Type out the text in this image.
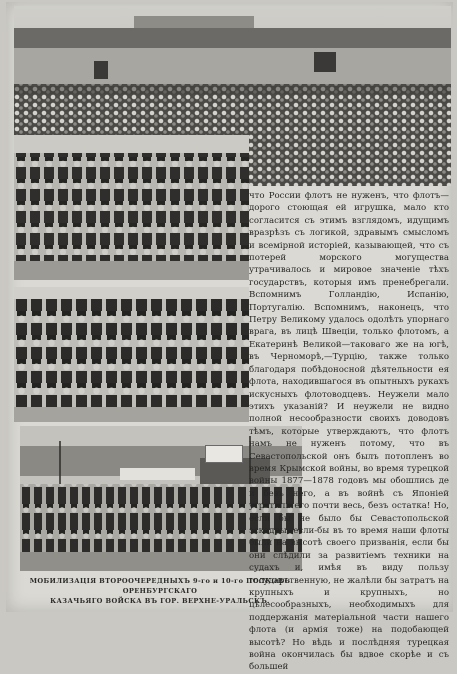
что России флотъ не нуженъ, что флотъ—дорого стоющая ей игрушка, мало кто согласится съ этимъ взглядомъ, идущимъ вразрѣзъ съ логикой, здравымъ смысломъ и всемірной исторіей, казывающей, что съ потерей морского могущества утрачивалось и мировое значеніе тѣхъ государствъ, которыя имъ пренебрегали. Вспомнимъ Голландію, Испанію, Португалію. Вспомнимъ, наконецъ, что Петру Великому удалось одолѣть упорнаго врага, въ лицѣ Швеціи, только флотомъ, а Екатеринѣ Великой—таковаго же на югѣ, въ Черноморѣ,—Турцію, также только благодаря побѣдоносной дѣятельности ея флота, находившагося въ опытныхъ рукахъ искусныхъ флотоводцевъ. Неужели мало этихъ указаній? И неужели не видно полной несообразности своихъ доводовъ тѣмъ, которые утверждаютъ, что флотъ намъ не нуженъ потому, что въ Севастопольской онъ былъ потопленъ во время Крымской войны, во время турецкой войны 1877—1878 годовъ мы обошлись де и безъ него, а въ войнѣ съ Японіей утратили его почти весь, безъ остатка! Но, если бы не было бы Севастопольской эскадры, если-бы въ то время наши флоты были на высотѣ своего призванія, если бы они слѣдили за развитіемъ техники на судахъ и, имѣя въ виду пользу государственную, не жалѣли бы затратъ на крупныхъ и крупныхъ, но цѣлесообразныхъ, необходимыхъ для поддержанія матеріальной части нашего флота (и армія тоже) на подобающей высотѣ? Но вѣдь и послѣдняя турецкая война окончилась бы вдвое скорѣе и съ большей

МОБИЛИЗАЦІЯ ВТОРООЧЕРЕДНЫХЪ 9-го и 10-го ПОЛКОВЪ ОРЕНБУРГСКАГО
КАЗАЧЬЯГО ВОЙСКА ВЪ ГОР. ВЕРХНЕ-УРАЛЬСКЪ.
